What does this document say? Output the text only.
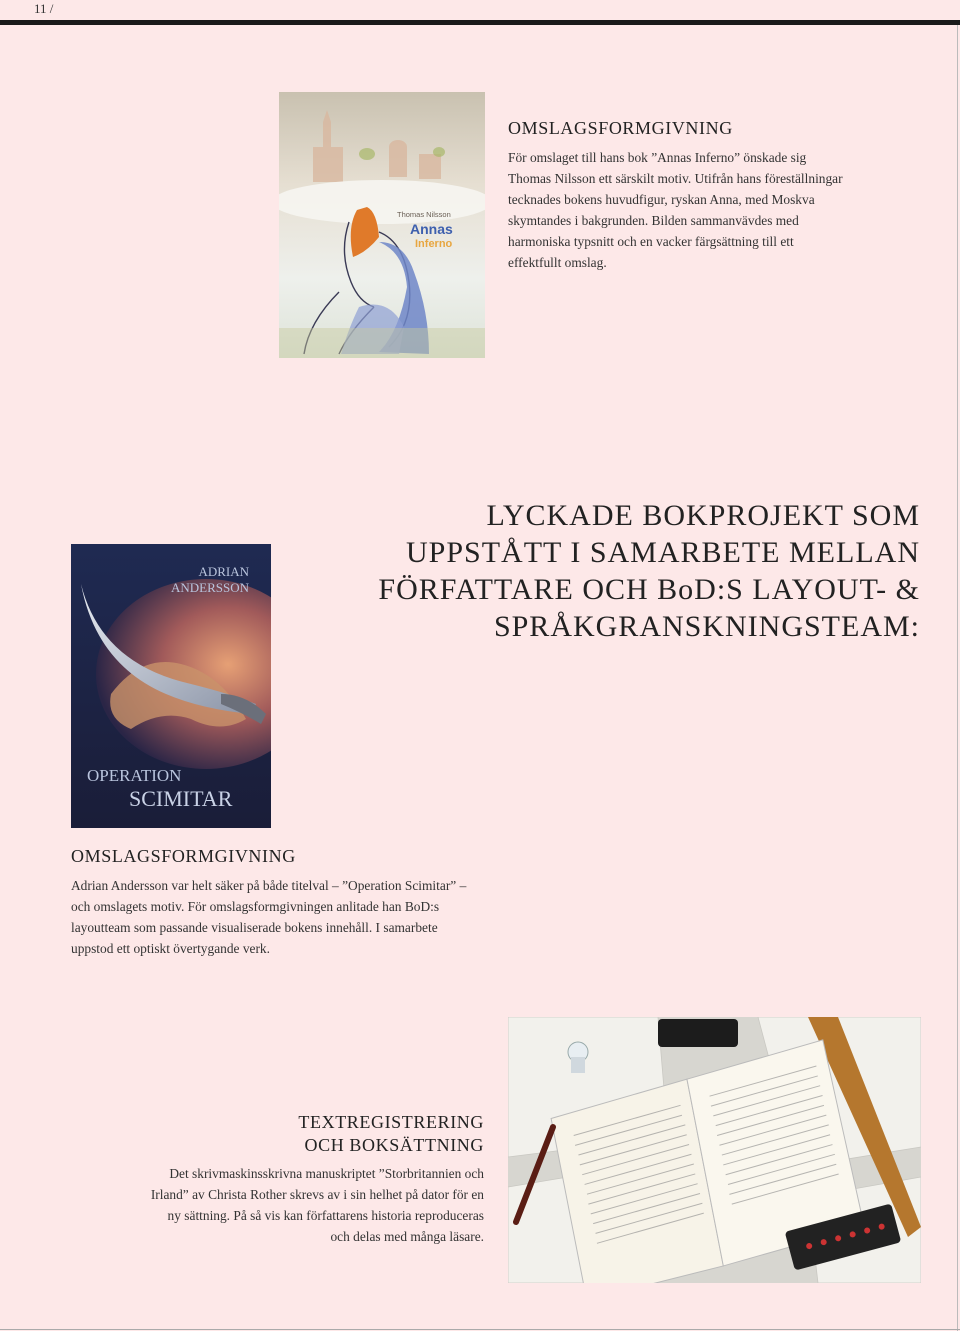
11 /
Thomas Nilsson
Annas
Inferno
OMSLAGSFORMGIVNING

För omslaget till hans bok ”Annas Inferno” önskade sig Thomas Nilsson ett särskilt motiv. Utifrån hans föreställningar tecknades bokens huvudfigur, ryskan Anna, med Moskva skymtandes i bakgrunden. Bilden sammanvävdes med harmoniska typsnitt och en vacker färgsättning till ett effektfullt omslag.

LYCKADE BOKPROJEKT SOM UPPSTÅTT I SAMARBETE MELLAN FÖRFATTARE OCH BoD:S LAYOUT- & SPRÅKGRANSKNINGSTEAM:
ADRIAN
ANDERSSON
OPERATION
SCIMITAR
OMSLAGSFORMGIVNING

Adrian Andersson var helt säker på både titelval – ”Operation Scimitar” – och omslagets motiv. För omslagsformgivningen anlitade han BoD:s layoutteam som passande visualiserade bokens innehåll. I samarbete uppstod ett optiskt övertygande verk.

TEXTREGISTRERING
OCH BOKSÄTTNING

Det skrivmaskinsskrivna manuskriptet ”Storbritannien och Irland” av Christa Rother skrevs av i sin helhet på dator för en ny sättning. På så vis kan författarens historia reproduceras och delas med många läsare.
